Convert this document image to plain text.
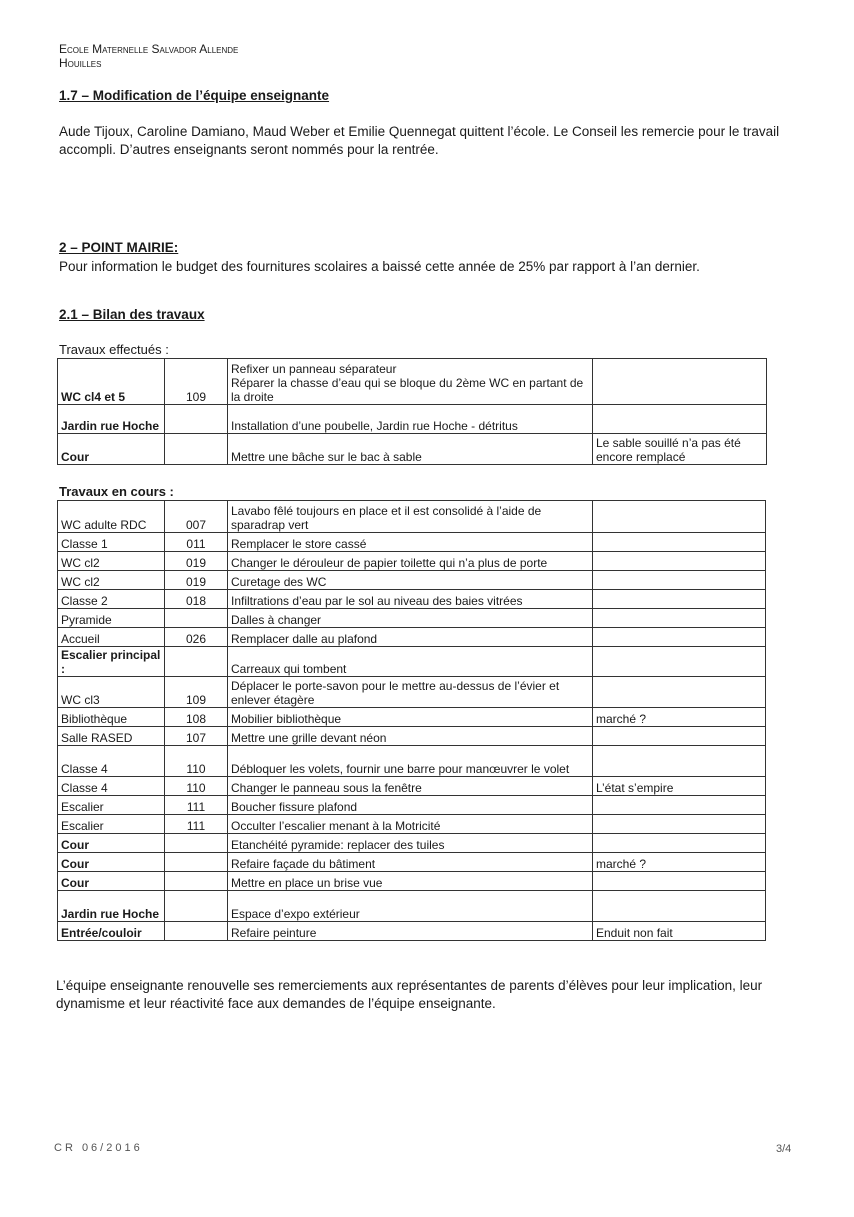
Ecole Maternelle Salvador Allende
Houilles
1.7 – Modification de l’équipe enseignante
Aude Tijoux, Caroline Damiano, Maud Weber et Emilie Quennegat quittent l’école. Le Conseil les remercie pour le travail accompli. D’autres enseignants seront nommés pour la rentrée.
2 – POINT MAIRIE:
Pour information le budget des fournitures scolaires a baissé cette année de 25% par rapport à l’an dernier.
2.1 – Bilan des travaux
Travaux effectués :
WC cl4 et 5	109	Refixer un panneau séparateur
Réparer la chasse d’eau qui se bloque du 2ème WC en partant de la droite	
Jardin rue Hoche		Installation d’une poubelle, Jardin rue Hoche - détritus	
Cour		Mettre une bâche sur le bac à sable	Le sable souillé n’a pas été encore remplacé
Travaux en cours :
WC adulte RDC	007	Lavabo fêlé toujours en place et il est consolidé à l’aide de sparadrap vert	
Classe 1	011	Remplacer le store cassé	
WC cl2	019	Changer le dérouleur de papier toilette qui n’a plus de porte	
WC cl2	019	Curetage des WC	
Classe 2	018	Infiltrations d’eau par le sol au niveau des baies vitrées	
Pyramide		Dalles à changer	
Accueil	026	Remplacer dalle au plafond	
Escalier principal :		Carreaux qui tombent	
WC cl3	109	Déplacer le porte-savon pour le mettre au-dessus de l’évier et enlever étagère	
Bibliothèque	108	Mobilier bibliothèque	marché ?
Salle RASED	107	Mettre une grille devant néon	
Classe 4	110	Débloquer les volets, fournir une barre pour manœuvrer le volet	
Classe 4	110	Changer le panneau sous la fenêtre	L’état s’empire
Escalier	111	Boucher fissure plafond	
Escalier	111	Occulter l’escalier menant à la Motricité	
Cour		Etanchéité pyramide: replacer des tuiles	
Cour		Refaire façade du bâtiment	marché ?
Cour		Mettre en place un brise vue	
Jardin rue Hoche		Espace d’expo extérieur	
Entrée/couloir		Refaire peinture	Enduit non fait
L’équipe enseignante renouvelle ses remerciements aux représentantes de parents d’élèves pour leur implication, leur dynamisme et leur réactivité face aux demandes de l’équipe enseignante.
CR 06/2016	3/4
